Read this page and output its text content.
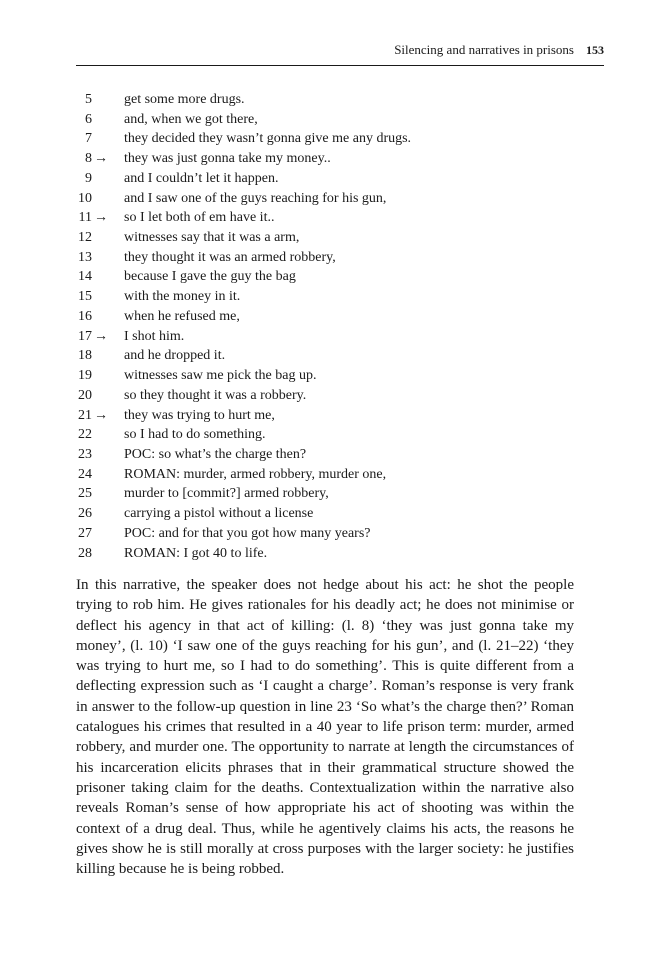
Silencing and narratives in prisons 153
5 get some more drugs.
6 and, when we got there,
7 they decided they wasn’t gonna give me any drugs.
8 →	they was just gonna take my money..
9 and I couldn’t let it happen.
10 and I saw one of the guys reaching for his gun,
11 →	so I let both of em have it..
12 witnesses say that it was a arm,
13 they thought it was an armed robbery,
14 because I gave the guy the bag
15 with the money in it.
16 when he refused me,
17 →	I shot him.
18 and he dropped it.
19 witnesses saw me pick the bag up.
20 so they thought it was a robbery.
21 →	they was trying to hurt me,
22 so I had to do something.
23 POC: so what’s the charge then?
24 ROMAN: murder, armed robbery, murder one,
25 murder to [commit?] armed robbery,
26 carrying a pistol without a license
27 POC: and for that you got how many years?
28 ROMAN: I got 40 to life.

In this narrative, the speaker does not hedge about his act: he shot the people trying to rob him. He gives rationales for his deadly act; he does not minimise or deflect his agency in that act of killing: (l. 8) ‘they was just gonna take my money’, (l. 10) ‘I saw one of the guys reaching for his gun’, and (l. 21–22) ‘they was trying to hurt me, so I had to do something’. This is quite different from a deflecting expression such as ‘I caught a charge’. Roman’s response is very frank in answer to the follow-up question in line 23 ‘So what’s the charge then?’ Roman catalogues his crimes that resulted in a 40 year to life prison term: murder, armed robbery, and murder one. The opportunity to narrate at length the circumstances of his incarceration elicits phrases that in their grammatical structure showed the prisoner taking claim for the deaths. Contextualization within the narrative also reveals Roman’s sense of how appropriate his act of shooting was within the context of a drug deal. Thus, while he agentively claims his acts, the reasons he gives show he is still morally at cross purposes with the larger society: he justifies killing because he is being robbed.
